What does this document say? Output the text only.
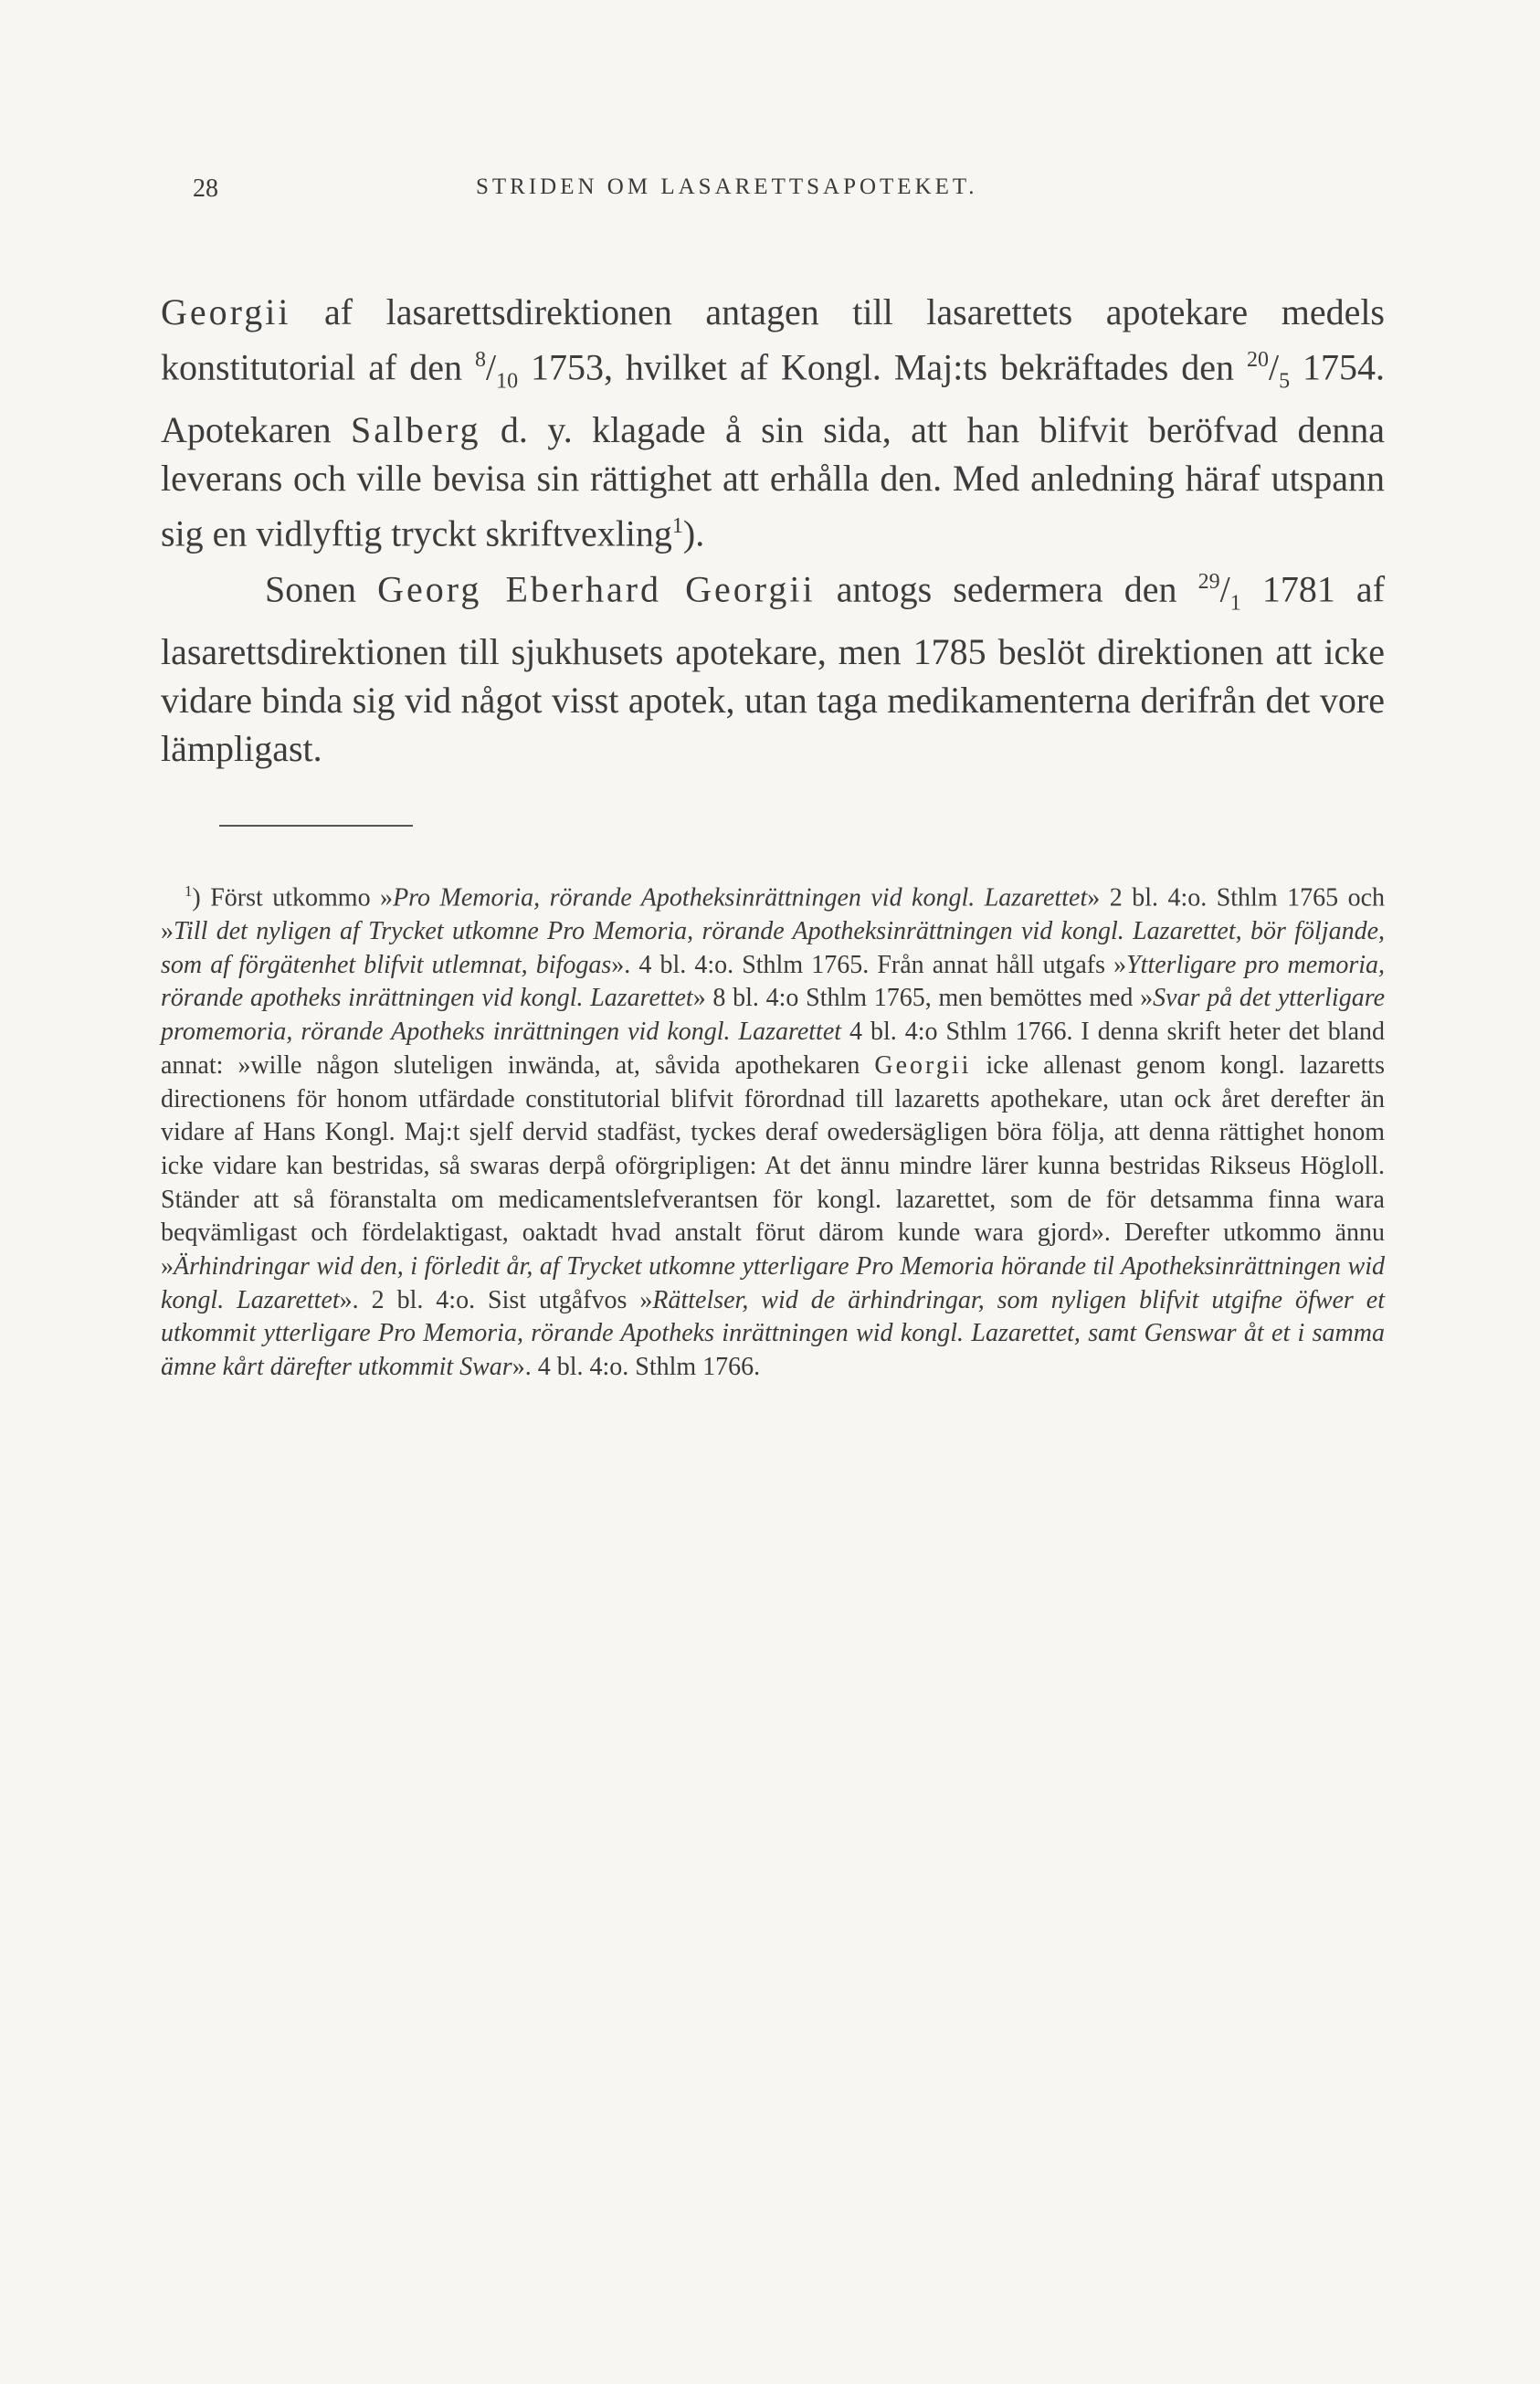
28	STRIDEN OM LASARETTSAPOTEKET.

Georgii af lasarettsdirektionen antagen till lasarettets apotekare medels konstitutorial af den $^8/_{10}$ 1753, hvilket af Kongl. Maj:ts bekräftades den $^{20}/_5$ 1754. Apotekaren Salberg d. y. klagade å sin sida, att han blifvit beröfvad denna leverans och ville bevisa sin rättighet att erhålla den. Med anledning häraf utspann sig en vidlyftig tryckt skriftvexling$^1$).

Sonen Georg Eberhard Georgii antogs sedermera den $^{29}/_1$ 1781 af lasarettsdirektionen till sjukhusets apotekare, men 1785 beslöt direktionen att icke vidare binda sig vid något visst apotek, utan taga medikamenterna derifrån det vore lämpligast.

$^1$) Först utkommo »Pro Memoria, rörande Apotheksinrättningen vid kongl. Lazarettet» 2 bl. 4:o. Sthlm 1765 och »Till det nyligen af Trycket utkomne Pro Memoria, rörande Apotheksinrättningen vid kongl. Lazarettet, bör följande, som af förgätenhet blifvit utlemnat, bifogas». 4 bl. 4:o. Sthlm 1765. Från annat håll utgafs »Ytterligare pro memoria, rörande apotheks inrättningen vid kongl. Lazarettet» 8 bl. 4:o Sthlm 1765, men bemöttes med »Svar på det ytterligare promemoria, rörande Apotheks inrättningen vid kongl. Lazarettet 4 bl. 4:o Sthlm 1766. I denna skrift heter det bland annat: »wille någon sluteligen inwända, at, såvida apothekaren Georgii icke allenast genom kongl. lazaretts directionens för honom utfärdade constitutorial blifvit förordnad till lazaretts apothekare, utan ock året derefter än vidare af Hans Kongl. Maj:t sjelf dervid stadfäst, tyckes deraf owedersägligen böra följa, att denna rättighet honom icke vidare kan bestridas, så swaras derpå oförgripligen: At det ännu mindre lärer kunna bestridas Rikseus Högloll. Ständer att så föranstalta om medicamentslefverantsen för kongl. lazarettet, som de för detsamma finna wara beqvämligast och fördelaktigast, oaktadt hvad anstalt förut därom kunde wara gjord». Derefter utkommo ännu »Ärhindringar wid den, i förledit år, af Trycket utkomne ytterligare Pro Memoria hörande til Apotheksinrättningen wid kongl. Lazarettet». 2 bl. 4:o. Sist utgåfvos »Rättelser, wid de ärhindringar, som nyligen blifvit utgifne öfwer et utkommit ytterligare Pro Memoria, rörande Apotheks inrättningen wid kongl. Lazarettet, samt Genswar åt et i samma ämne kårt därefter utkommit Swar». 4 bl. 4:o. Sthlm 1766.
